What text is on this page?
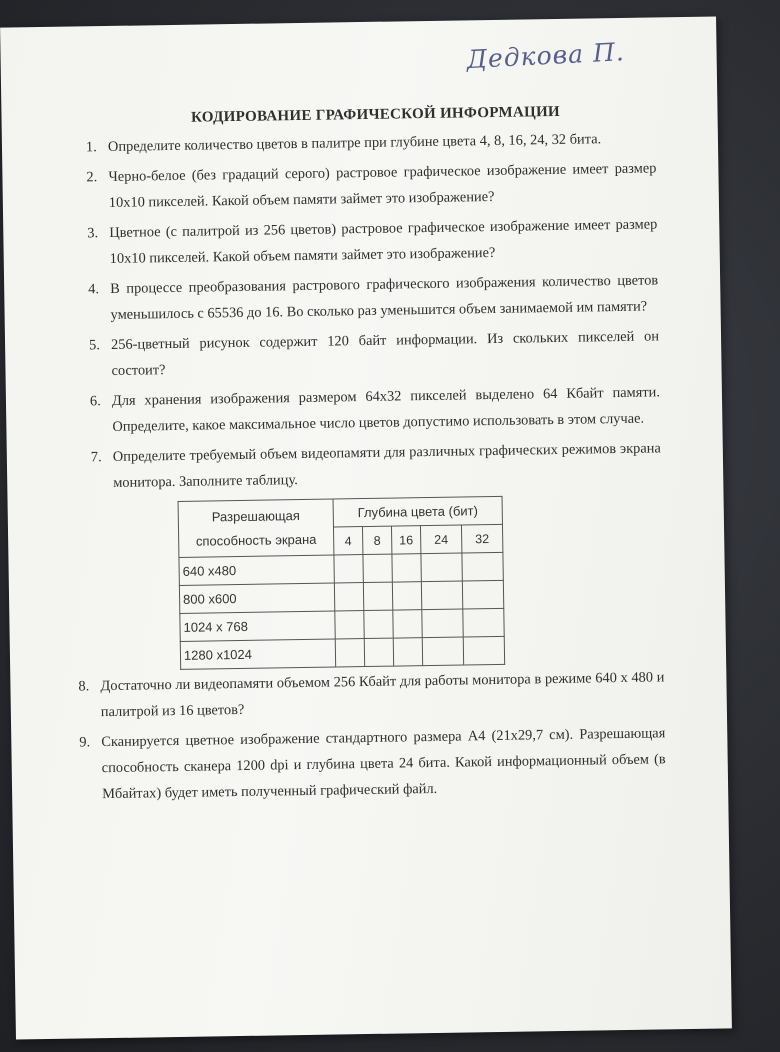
Дедкова П.
КОДИРОВАНИЕ ГРАФИЧЕСКОЙ ИНФОРМАЦИИ
1. Определите количество цветов в палитре при глубине цвета 4, 8, 16, 24, 32 бита.
2. Черно-белое (без градаций серого) растровое графическое изображение имеет размер 10x10 пикселей. Какой объем памяти займет это изображение?
3. Цветное (с палитрой из 256 цветов) растровое графическое изображение имеет размер 10x10 пикселей. Какой объем памяти займет это изображение?
4. В процессе преобразования растрового графического изображения количество цветов уменьшилось с 65536 до 16. Во сколько раз уменьшится объем занимаемой им памяти?
5. 256-цветный рисунок содержит 120 байт информации. Из скольких пикселей он состоит?
6. Для хранения изображения размером 64x32 пикселей выделено 64 Кбайт памяти. Определите, какое максимальное число цветов допустимо использовать в этом случае.
7. Определите требуемый объем видеопамяти для различных графических режимов экрана монитора. Заполните таблицу.
Разрешающая способность экрана	Глубина цвета (бит)				
	4	8	16	24	32
640 x480					
800 x600					
1024 x 768					
1280 x1024					
8. Достаточно ли видеопамяти объемом 256 Кбайт для работы монитора в режиме 640 x 480 и палитрой из 16 цветов?
9. Сканируется цветное изображение стандартного размера А4 (21x29,7 см). Разрешающая способность сканера 1200 dpi и глубина цвета 24 бита. Какой информационный объем (в Мбайтах) будет иметь полученный графический файл.
